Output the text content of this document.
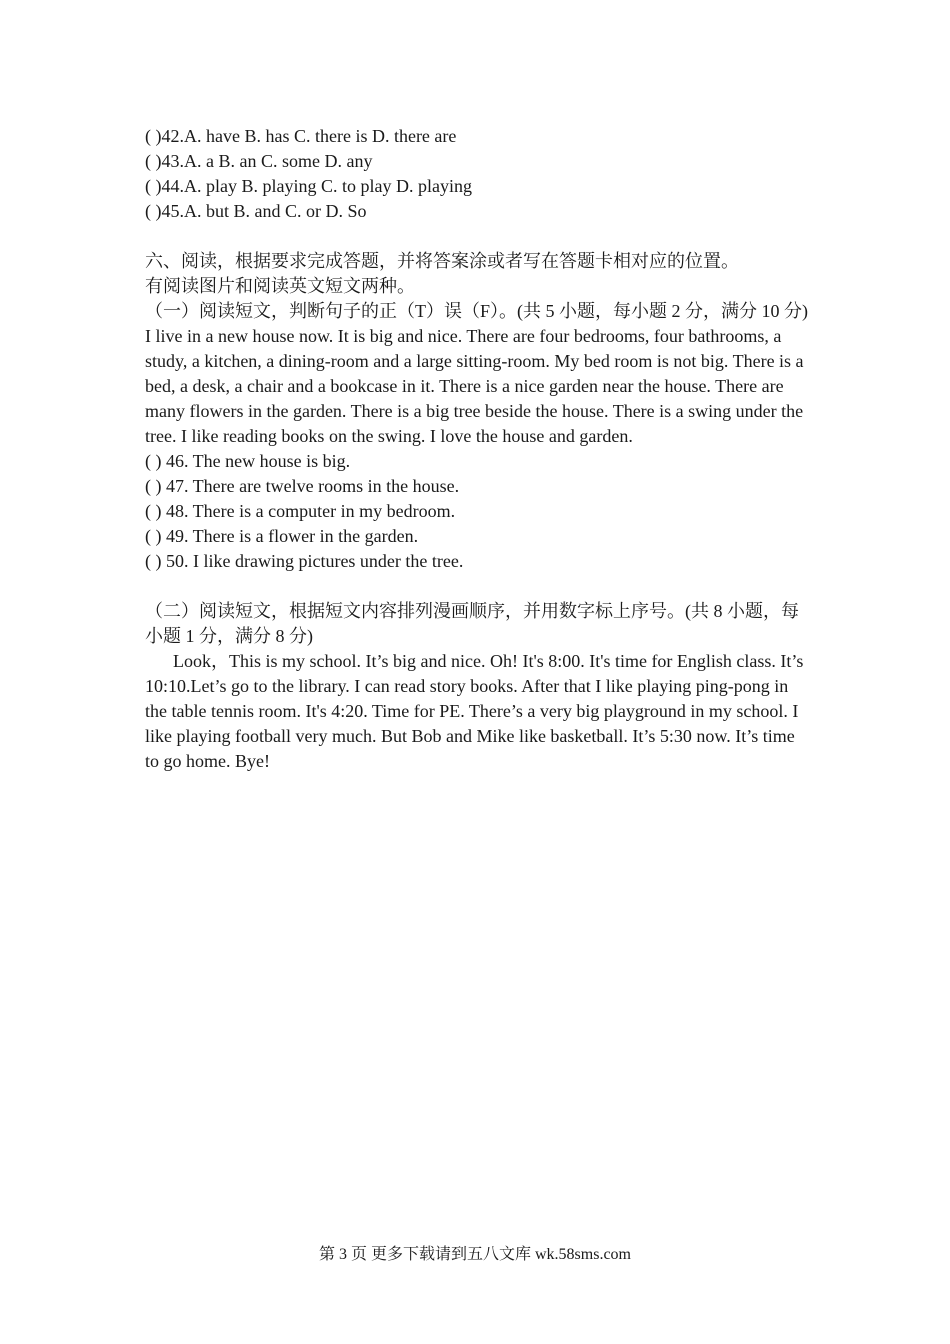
( )42.A. have B. has C. there is D. there are
( )43.A. a B. an C. some D. any
( )44.A. play B. playing C. to play D. playing
( )45.A. but B. and C. or D. So
六、阅读，根据要求完成答题，并将答案涂或者写在答题卡相对应的位置。
有阅读图片和阅读英文短文两种。
（一）阅读短文，判断句子的正（T）误（F）。(共 5 小题，每小题 2 分，满分 10 分)
I live in a new house now. It is big and nice. There are four bedrooms, four bathrooms, a study, a kitchen, a dining-room and a large sitting-room. My bed room is not big. There is a bed, a desk, a chair and a bookcase in it. There is a nice garden near the house. There are many flowers in the garden. There is a big tree beside the house. There is a swing under the tree. I like reading books on the swing. I love the house and garden.
( ) 46. The new house is big.
( ) 47. There are twelve rooms in the house.
( ) 48. There is a computer in my bedroom.
( ) 49. There is a flower in the garden.
( ) 50. I like drawing pictures under the tree.
（二）阅读短文，根据短文内容排列漫画顺序，并用数字标上序号。(共 8 小题，每小题 1 分，满分 8 分)
Look，This is my school. It’s big and nice. Oh! It's 8:00. It's time for English class. It’s 10:10.Let’s go to the library. I can read story books. After that I like playing ping-pong in the table tennis room. It's 4:20. Time for PE. There’s a very big playground in my school. I like playing football very much. But Bob and Mike like basketball. It’s 5:30 now. It’s time to go home. Bye!
第 3 页 更多下载请到五八文库 wk.58sms.com
